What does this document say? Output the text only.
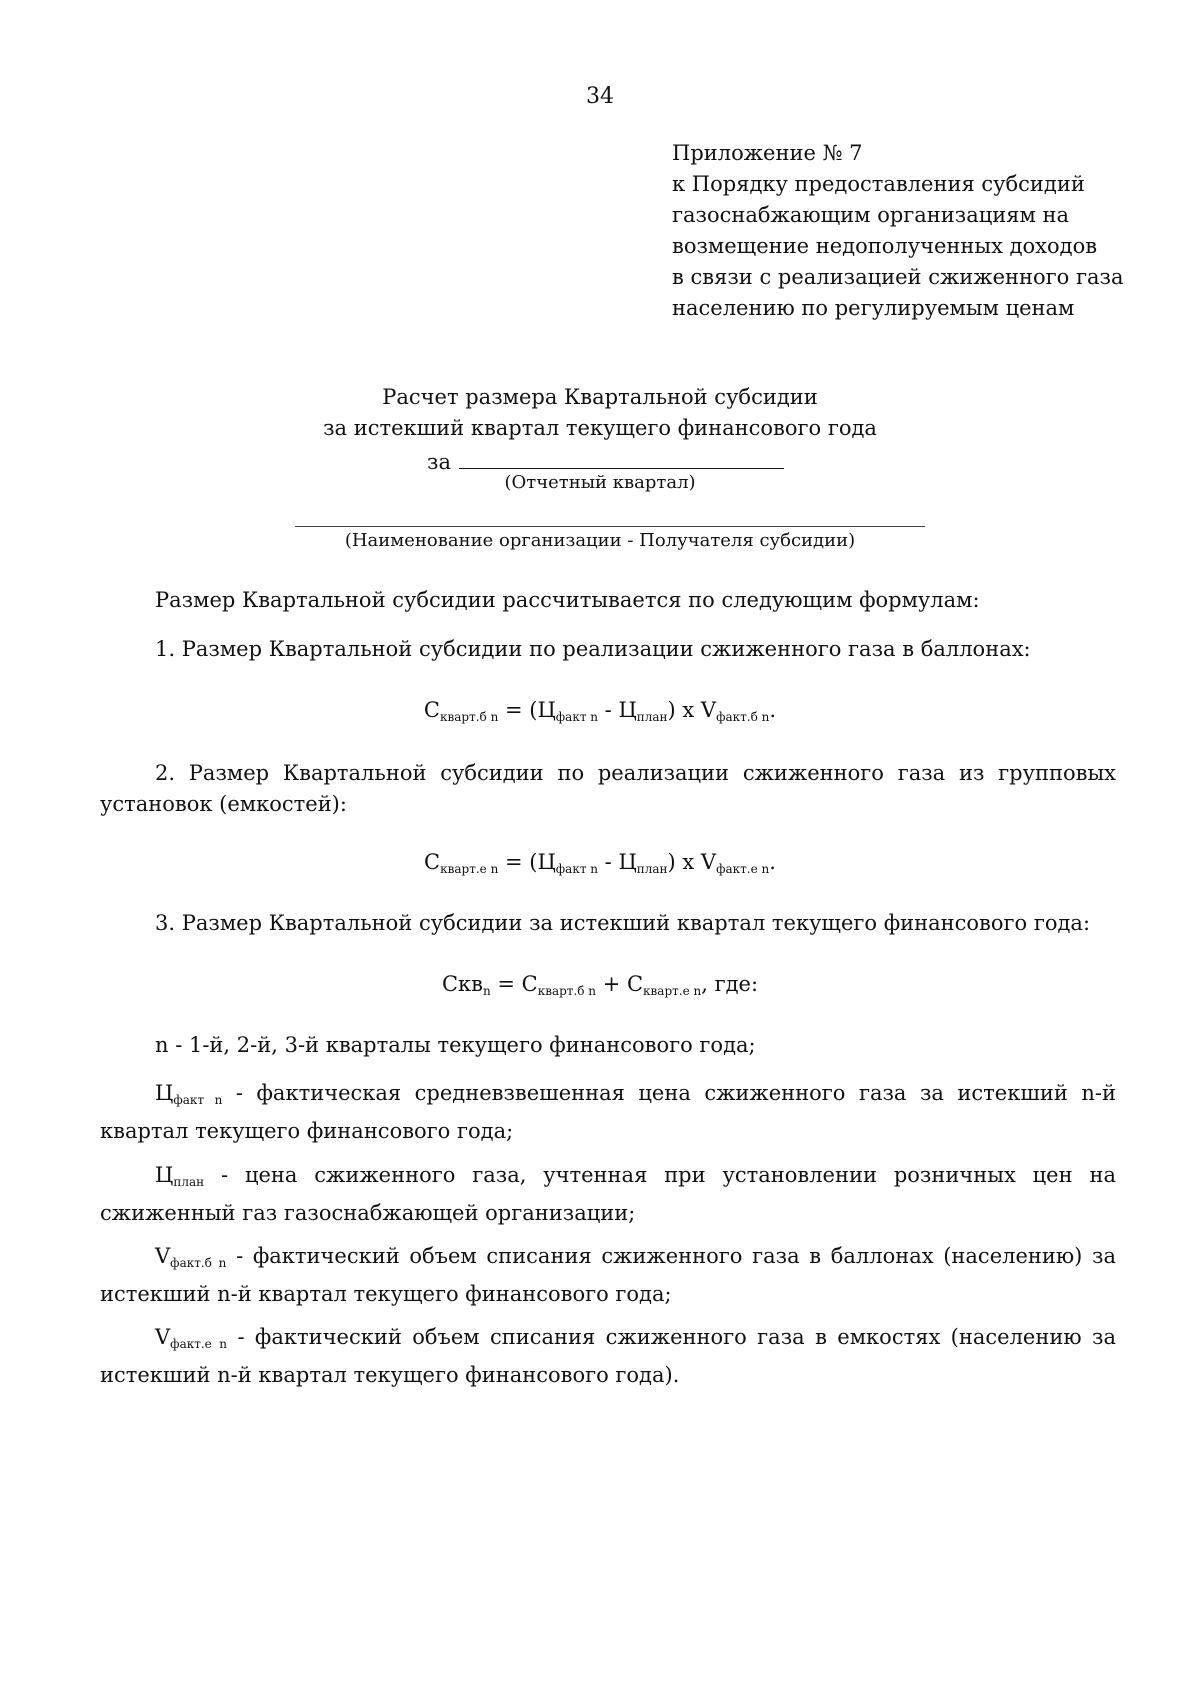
34
Приложение № 7
к Порядку предоставления субсидий
газоснабжающим организациям на
возмещение недополученных доходов
в связи с реализацией сжиженного газа
населению по регулируемым ценам
Расчет размера Квартальной субсидии
за истекший квартал текущего финансового года
за
(Отчетный квартал)
(Наименование организации - Получателя субсидии)
Размер Квартальной субсидии рассчитывается по следующим формулам:
1. Размер Квартальной субсидии по реализации сжиженного газа в баллонах:
$С_{кварт.б n} = (Ц_{факт n} - Ц_{план})$ x $V_{факт.б n}$.
2. Размер Квартальной субсидии по реализации сжиженного газа из групповых установок (емкостей):
$С_{кварт.е n} = (Ц_{факт n} - Ц_{план})$ x $V_{факт.е n}$.
3. Размер Квартальной субсидии за истекший квартал текущего финансового года:
$Скв_n = С_{кварт.б n} + С_{кварт.е n}$, где:
n - 1-й, 2-й, 3-й кварталы текущего финансового года;
$Ц_{факт n}$ - фактическая средневзвешенная цена сжиженного газа за истекший n-й квартал текущего финансового года;
$Ц_{план}$ - цена сжиженного газа, учтенная при установлении розничных цен на сжиженный газ газоснабжающей организации;
$V_{факт.б n}$ - фактический объем списания сжиженного газа в баллонах (населению) за истекший n-й квартал текущего финансового года;
$V_{факт.е n}$ - фактический объем списания сжиженного газа в емкостях (населению за истекший n-й квартал текущего финансового года).
